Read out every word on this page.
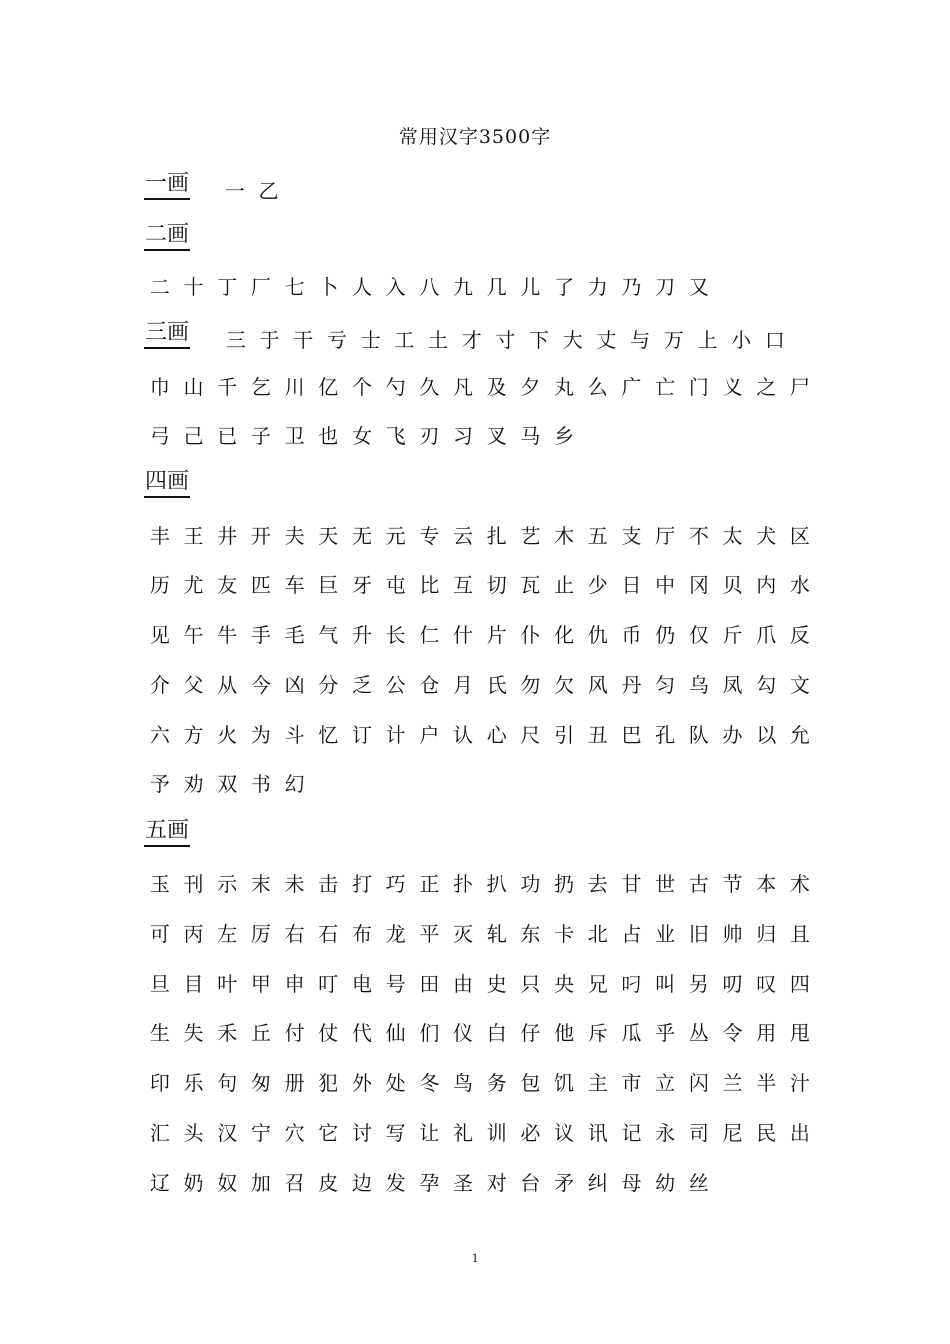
常用汉字3500字
一画	一 乙
二画
二 十 丁 厂 七 卜 人 入 八 九 几 儿 了 力 乃 刀 又
三画	三 于 干 亏 士 工 土 才 寸 下 大 丈 与 万 上 小 口
巾 山 千 乞 川 亿 个 勺 久 凡 及 夕 丸 么 广 亡 门 义 之 尸
弓 己 已 子 卫 也 女 飞 刃 习 叉 马 乡
四画
丰 王 井 开 夫 天 无 元 专 云 扎 艺 木 五 支 厅 不 太 犬 区
历 尤 友 匹 车 巨 牙 屯 比 互 切 瓦 止 少 日 中 冈 贝 内 水
见 午 牛 手 毛 气 升 长 仁 什 片 仆 化 仇 币 仍 仅 斤 爪 反
介 父 从 今 凶 分 乏 公 仓 月 氏 勿 欠 风 丹 匀 乌 凤 勾 文
六 方 火 为 斗 忆 订 计 户 认 心 尺 引 丑 巴 孔 队 办 以 允
予 劝 双 书 幻
五画
玉 刊 示 末 未 击 打 巧 正 扑 扒 功 扔 去 甘 世 古 节 本 术
可 丙 左 厉 右 石 布 龙 平 灭 轧 东 卡 北 占 业 旧 帅 归 且
旦 目 叶 甲 申 叮 电 号 田 由 史 只 央 兄 叼 叫 另 叨 叹 四
生 失 禾 丘 付 仗 代 仙 们 仪 白 仔 他 斥 瓜 乎 丛 令 用 甩
印 乐 句 匆 册 犯 外 处 冬 鸟 务 包 饥 主 市 立 闪 兰 半 汁
汇 头 汉 宁 穴 它 讨 写 让 礼 训 必 议 讯 记 永 司 尼 民 出
辽 奶 奴 加 召 皮 边 发 孕 圣 对 台 矛 纠 母 幼 丝
1
